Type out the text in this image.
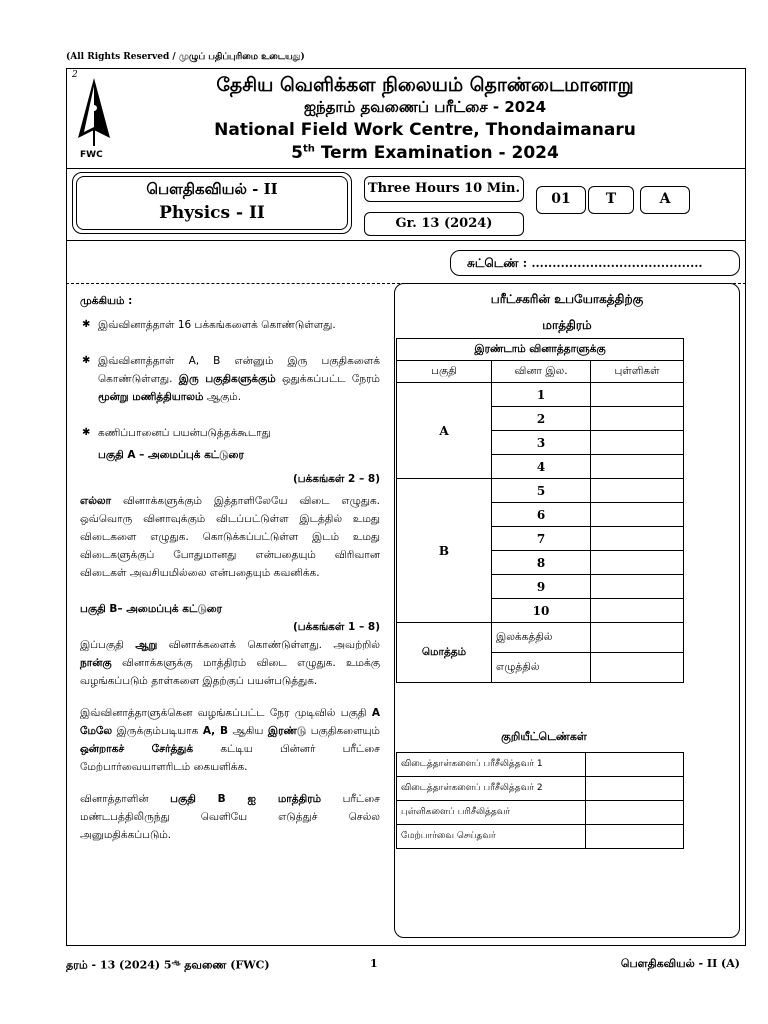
(All Rights Reserved / முழுப் பதிப்புரிமை உடையது)
2
FWC
தேசிய வெளிக்கள நிலையம் தொண்டைமானாறு
ஐந்தாம் தவணைப் பரீட்சை - 2024
National Field Work Centre, Thondaimanaru
5th Term Examination - 2024
பௌதிகவியல் - II
Physics - II
Three Hours 10 Min.
Gr. 13 (2024)
01	T	A
சுட்டெண் : .........................................

முக்கியம் :

✱ இவ்வினாத்தாள் 16 பக்கங்களைக் கொண்டுள்ளது.

✱ இவ்வினாத்தாள் A, B என்னும் இரு பகுதிகளைக் கொண்டுள்ளது. இரு பகுதிகளுக்கும் ஒதுக்கப்பட்ட நேரம் மூன்று மணித்தியாலம் ஆகும்.

✱ கணிப்பானைப் பயன்படுத்தக்கூடாது

பகுதி A – அமைப்புக் கட்டுரை

(பக்கங்கள் 2 – 8)

எல்லா வினாக்களுக்கும் இத்தாளிலேயே விடை எழுதுக. ஒவ்வொரு வினாவுக்கும் விடப்பட்டுள்ள இடத்தில் உமது விடைகளை எழுதுக. கொடுக்கப்பட்டுள்ள இடம் உமது விடைகளுக்குப் போதுமானது என்பதையும் விரிவான விடைகள் அவசியமில்லை என்பதையும் கவனிக்க.

பகுதி B– அமைப்புக் கட்டுரை

(பக்கங்கள் 1 – 8)

இப்பகுதி ஆறு வினாக்களைக் கொண்டுள்ளது. அவற்றில் நான்கு வினாக்களுக்கு மாத்திரம் விடை எழுதுக. உமக்கு வழங்கப்படும் தாள்களை இதற்குப் பயன்படுத்துக.

இவ்வினாத்தாளுக்கென வழங்கப்பட்ட நேர முடிவில் பகுதி A மேலே இருக்கும்படியாக A, B ஆகிய இரண்டு பகுதிகளையும் ஒன்றாகச் சேர்த்துக்	கட்டிய பின்னர் பரீட்சை மேற்பார்வையாளரிடம் கையளிக்க.

வினாத்தாளின் பகுதி B ஐ மாத்திரம் பரீட்சை மண்டபத்திலிருந்து வெளியே எடுத்துச் செல்ல அனுமதிக்கப்படும்.

பரீட்சகரின் உபயோகத்திற்கு
மாத்திரம்
இரண்டாம் வினாத்தாளுக்கு		
பகுதி	வினா இல.	புள்ளிகள்
A	1	
	2	
	3	
	4	
B	5	
	6	
	7	
	8	
	9	
	10	
மொத்தம்	இலக்கத்தில்	
	எழுத்தில்	
குறியீட்டெண்கள்
விடைத்தாள்களைப் பரீசீலித்தவர் 1	
விடைத்தாள்களைப் பரீசீலித்தவர் 2	
புள்ளிகளைப் பரிசீலித்தவர்	
மேற்பார்வை செய்தவர்	
தரம் - 13 (2024) $5^ஆ$ தவணை (FWC)	1	பௌதிகவியல் - II (A)
